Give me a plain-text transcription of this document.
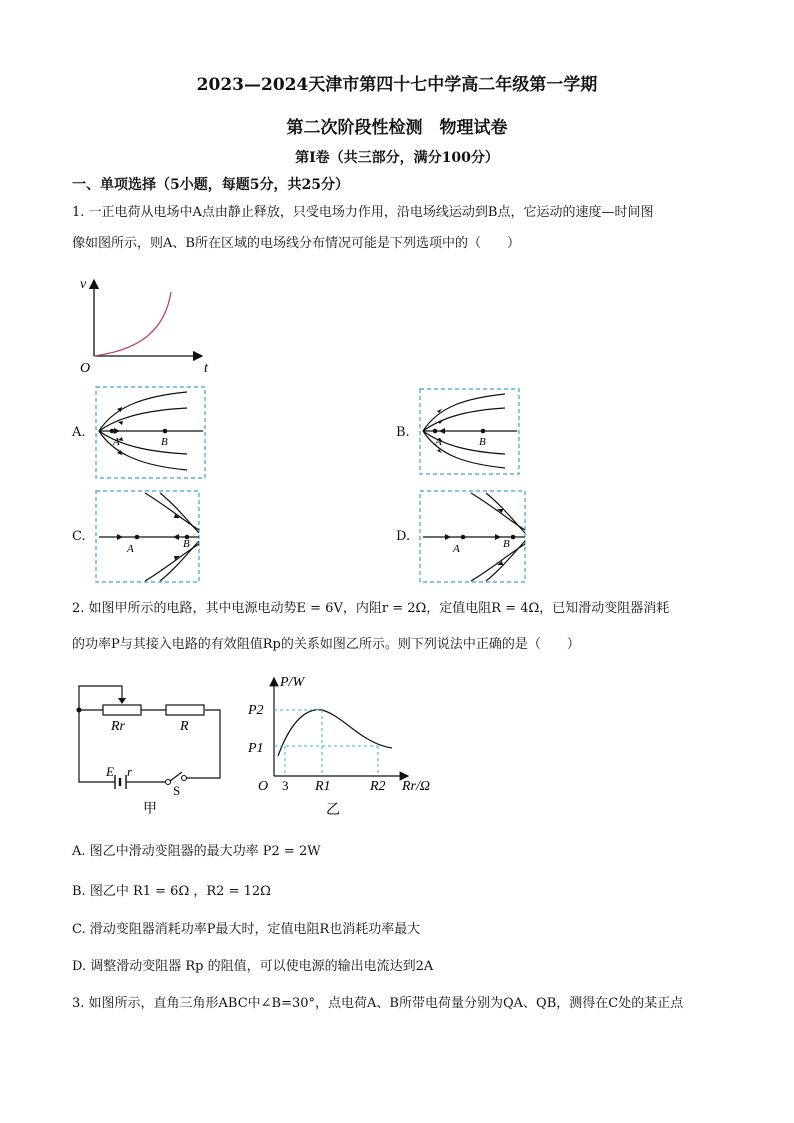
2023—2024天津市第四十七中学高二年级第一学期
第二次阶段性检测　物理试卷
第Ⅰ卷（共三部分，满分100分）
一、单项选择（5小题，每题5分，共25分）
1. 一正电荷从电场中A点由静止释放，只受电场力作用，沿电场线运动到B点，它运动的速度—时间图
像如图所示，则A、B所在区域的电场线分布情况可能是下列选项中的（　　）
v
O	t
A.
A	B
B.
A	B
C.
A	B	D.
A	B
2. 如图甲所示的电路，其中电源电动势E = 6V，内阻r = 2Ω，定值电阻R = 4Ω，已知滑动变阻器消耗
的功率P与其接入电路的有效阻值Rp的关系如图乙所示。则下列说法中正确的是（　　）
Rr	R
E r
S
甲
P/W
P2
P1
O 3 R1	R2 Rr/Ω
乙
A. 图乙中滑动变阻器的最大功率 P2 = 2W
B. 图乙中 R1 = 6Ω ，R2 = 12Ω
C. 滑动变阻器消耗功率P最大时，定值电阻R也消耗功率最大
D. 调整滑动变阻器 Rp 的阻值，可以使电源的输出电流达到2A
3. 如图所示，直角三角形ABC中∠B=30°，点电荷A、B所带电荷量分别为QA、QB，测得在C处的某正点
